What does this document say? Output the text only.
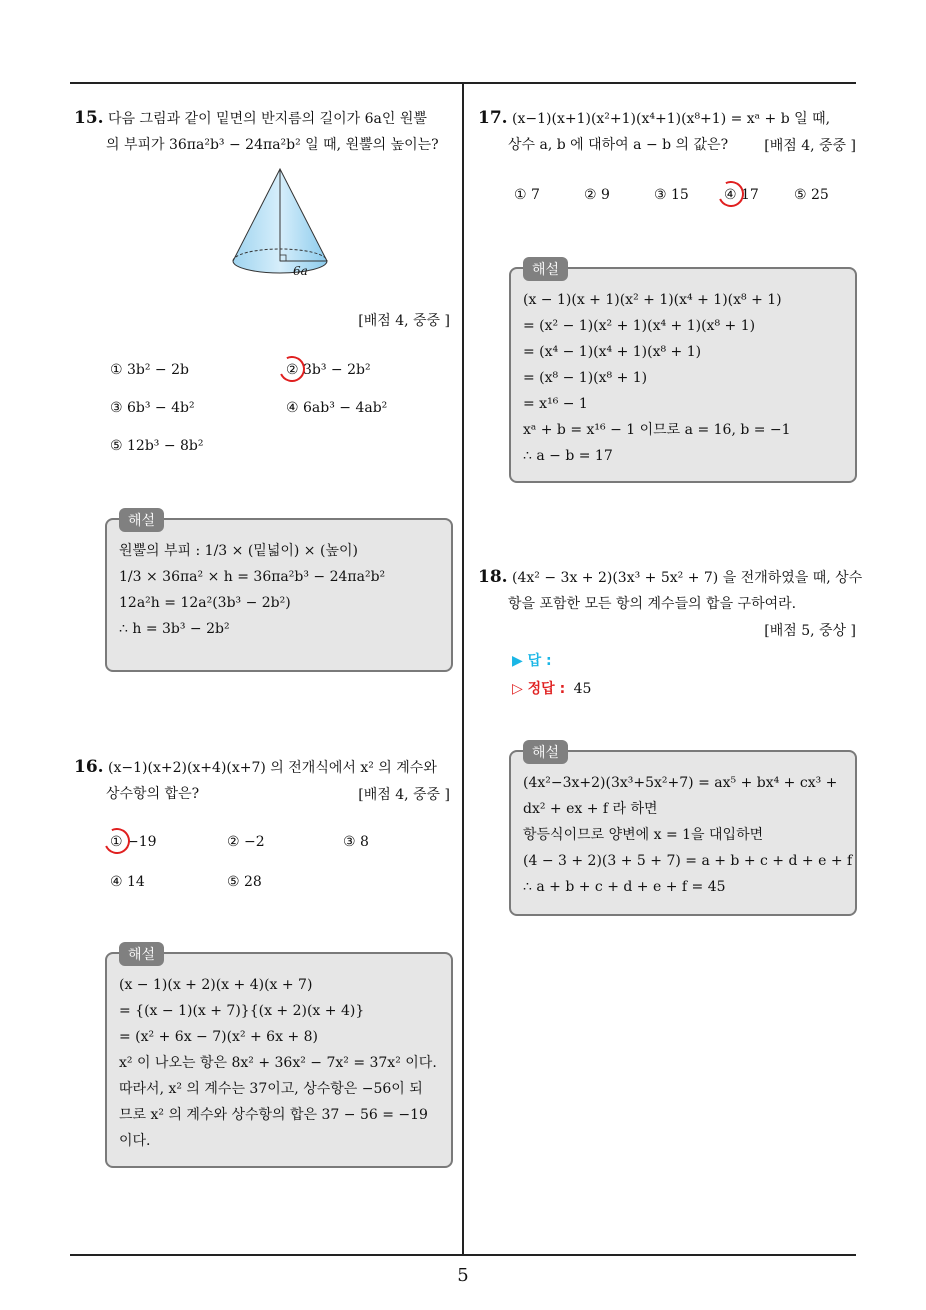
15. 다음 그림과 같이 밑면의 반지름의 길이가 6a인 원뿔
의 부피가 36πa²b³ − 24πa²b² 일 때, 원뿔의 높이는?
6a
[배점 4, 중중 ]
① 3b² − 2b	② 3b³ − 2b²
③ 6b³ − 4b²	④ 6ab³ − 4ab²
⑤ 12b³ − 8b²
해설
원뿔의 부피 : 1/3 × (밑넓이) × (높이)
1/3 × 36πa² × h = 36πa²b³ − 24πa²b²
12a²h = 12a²(3b³ − 2b²)
∴ h = 3b³ − 2b²
16. (x−1)(x+2)(x+4)(x+7) 의 전개식에서 x² 의 계수와
상수항의 합은?	[배점 4, 중중 ]
① −19	② −2	③ 8
④ 14	⑤ 28
해설
(x − 1)(x + 2)(x + 4)(x + 7)
= {(x − 1)(x + 7)}{(x + 2)(x + 4)}
= (x² + 6x − 7)(x² + 6x + 8)
x² 이 나오는 항은 8x² + 36x² − 7x² = 37x² 이다.
따라서, x² 의 계수는 37이고, 상수항은 −56이 되
므로 x² 의 계수와 상수항의 합은 37 − 56 = −19
이다.
17. (x−1)(x+1)(x²+1)(x⁴+1)(x⁸+1) = xᵃ + b 일 때,
상수 a, b 에 대하여 a − b 의 값은?	[배점 4, 중중 ]
① 7	② 9	③ 15	④ 17	⑤ 25
해설
(x − 1)(x + 1)(x² + 1)(x⁴ + 1)(x⁸ + 1)
= (x² − 1)(x² + 1)(x⁴ + 1)(x⁸ + 1)
= (x⁴ − 1)(x⁴ + 1)(x⁸ + 1)
= (x⁸ − 1)(x⁸ + 1)
= x¹⁶ − 1
xᵃ + b = x¹⁶ − 1 이므로 a = 16, b = −1
∴ a − b = 17
18. (4x² − 3x + 2)(3x³ + 5x² + 7) 을 전개하였을 때, 상수
항을 포함한 모든 항의 계수들의 합을 구하여라.
[배점 5, 중상 ]
▶ 답 :
▷ 정답 : 45
해설
(4x²−3x+2)(3x³+5x²+7) = ax⁵ + bx⁴ + cx³ +
dx² + ex + f 라 하면
항등식이므로 양변에 x = 1을 대입하면
(4 − 3 + 2)(3 + 5 + 7) = a + b + c + d + e + f
∴ a + b + c + d + e + f = 45
5
